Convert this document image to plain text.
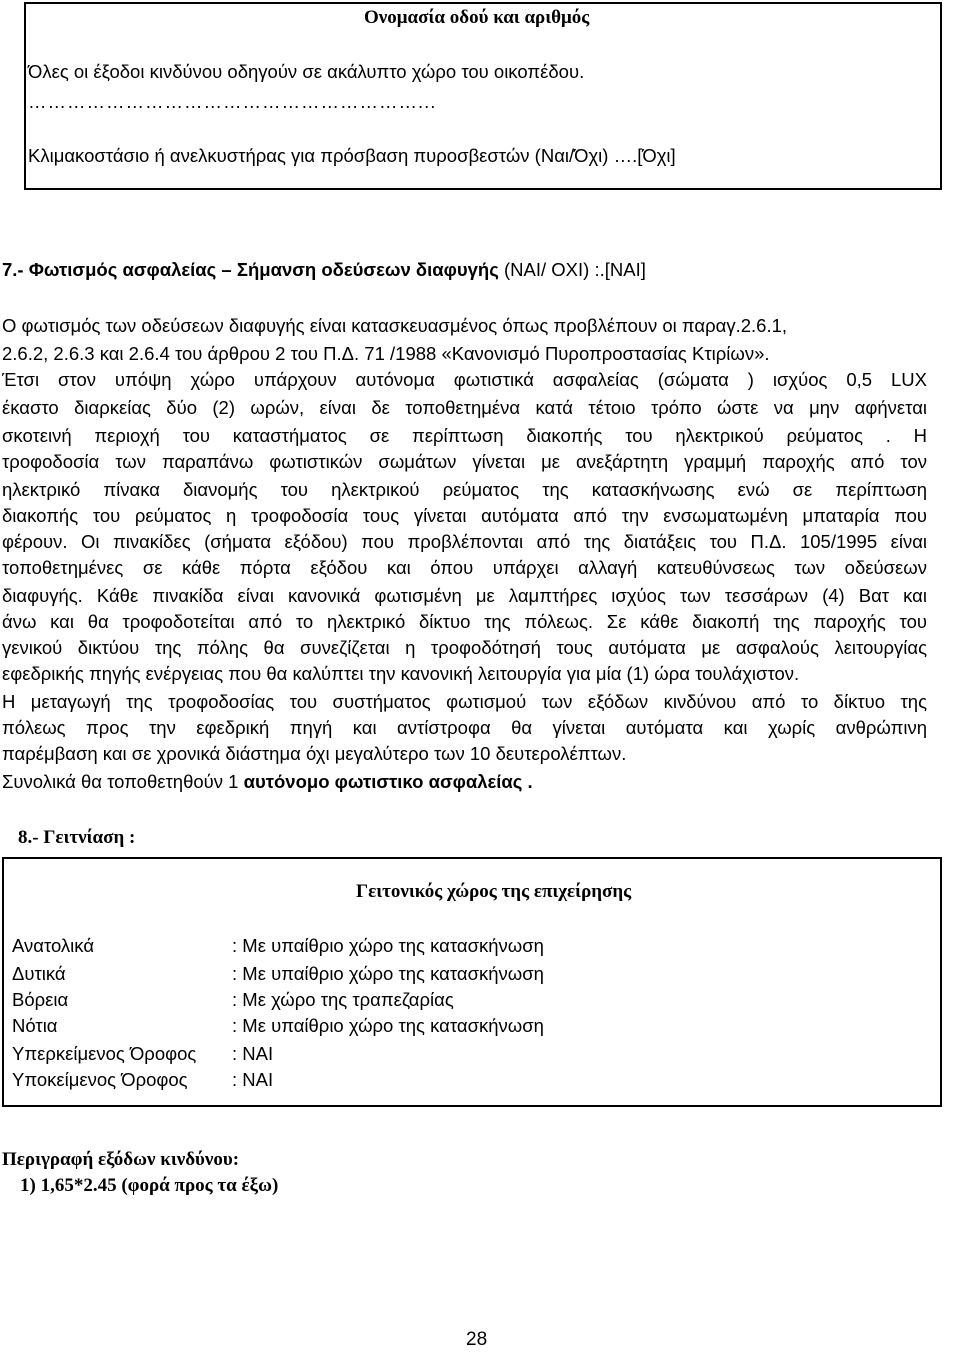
Ονομασία οδού και αριθμός
Όλες οι έξοδοι κινδύνου οδηγούν σε ακάλυπτο χώρο του οικοπέδου.
……………………………………………………...
Κλιμακοστάσιο ή ανελκυστήρας για πρόσβαση πυροσβεστών (Ναι/Όχι) ….[Όχι]
7.- Φωτισμός ασφαλείας – Σήμανση οδεύσεων διαφυγής (ΝΑΙ/ ΟΧΙ) :.[ΝΑΙ]
Ο φωτισμός των οδεύσεων διαφυγής είναι κατασκευασμένος όπως προβλέπουν οι παραγ.2.6.1,
2.6.2, 2.6.3 και 2.6.4 του άρθρου 2 του Π.Δ. 71 /1988 «Κανονισμό Πυροπροστασίας Κτιρίων».
Έτσι στον υπόψη χώρο υπάρχουν αυτόνομα φωτιστικά ασφαλείας (σώματα ) ισχύος 0,5 LUX
έκαστο διαρκείας δύο (2) ωρών, είναι δε τοποθετημένα κατά τέτοιο τρόπο ώστε να μην αφήνεται
σκοτεινή περιοχή του καταστήματος σε περίπτωση διακοπής του ηλεκτρικού ρεύματος . Η
τροφοδοσία των παραπάνω φωτιστικών σωμάτων γίνεται με ανεξάρτητη γραμμή παροχής από τον
ηλεκτρικό πίνακα διανομής του ηλεκτρικού ρεύματος της κατασκήνωσης ενώ σε περίπτωση
διακοπής του ρεύματος η τροφοδοσία τους γίνεται αυτόματα από την ενσωματωμένη μπαταρία που
φέρουν. Οι πινακίδες (σήματα εξόδου) που προβλέπονται από της διατάξεις του Π.Δ. 105/1995 είναι
τοποθετημένες σε κάθε πόρτα εξόδου και όπου υπάρχει αλλαγή κατευθύνσεως των οδεύσεων
διαφυγής. Κάθε πινακίδα είναι κανονικά φωτισμένη με λαμπτήρες ισχύος των τεσσάρων (4) Βατ και
άνω και θα τροφοδοτείται από το ηλεκτρικό δίκτυο της πόλεως. Σε κάθε διακοπή της παροχής του
γενικού δικτύου της πόλης θα συνεζίζεται η τροφοδότησή τους αυτόματα με ασφαλούς λειτουργίας
εφεδρικής πηγής ενέργειας που θα καλύπτει την κανονική λειτουργία για μία (1) ώρα τουλάχιστον.
Η μεταγωγή της τροφοδοσίας του συστήματος φωτισμού των εξόδων κινδύνου από το δίκτυο της
πόλεως προς την εφεδρική πηγή και αντίστροφα θα γίνεται αυτόματα και χωρίς ανθρώπινη
παρέμβαση και σε χρονικά διάστημα όχι μεγαλύτερο των 10 δευτερολέπτων.
Συνολικά θα τοποθετηθούν 1 αυτόνομο φωτιστικο ασφαλείας .
8.- Γειτνίαση :
Γειτονικός χώρος της επιχείρησης
Ανατολικά	: Με υπαίθριο χώρο της κατασκήνωση
Δυτικά	: Με υπαίθριο χώρο της κατασκήνωση
Βόρεια	: Με χώρο της τραπεζαρίας
Νότια	: Με υπαίθριο χώρο της κατασκήνωση
Υπερκείμενος Όροφος : ΝΑΙ
Υποκείμενος Όροφος : ΝΑΙ
Περιγραφή εξόδων κινδύνου:
1) 1,65*2.45 (φορά προς τα έξω)
28
